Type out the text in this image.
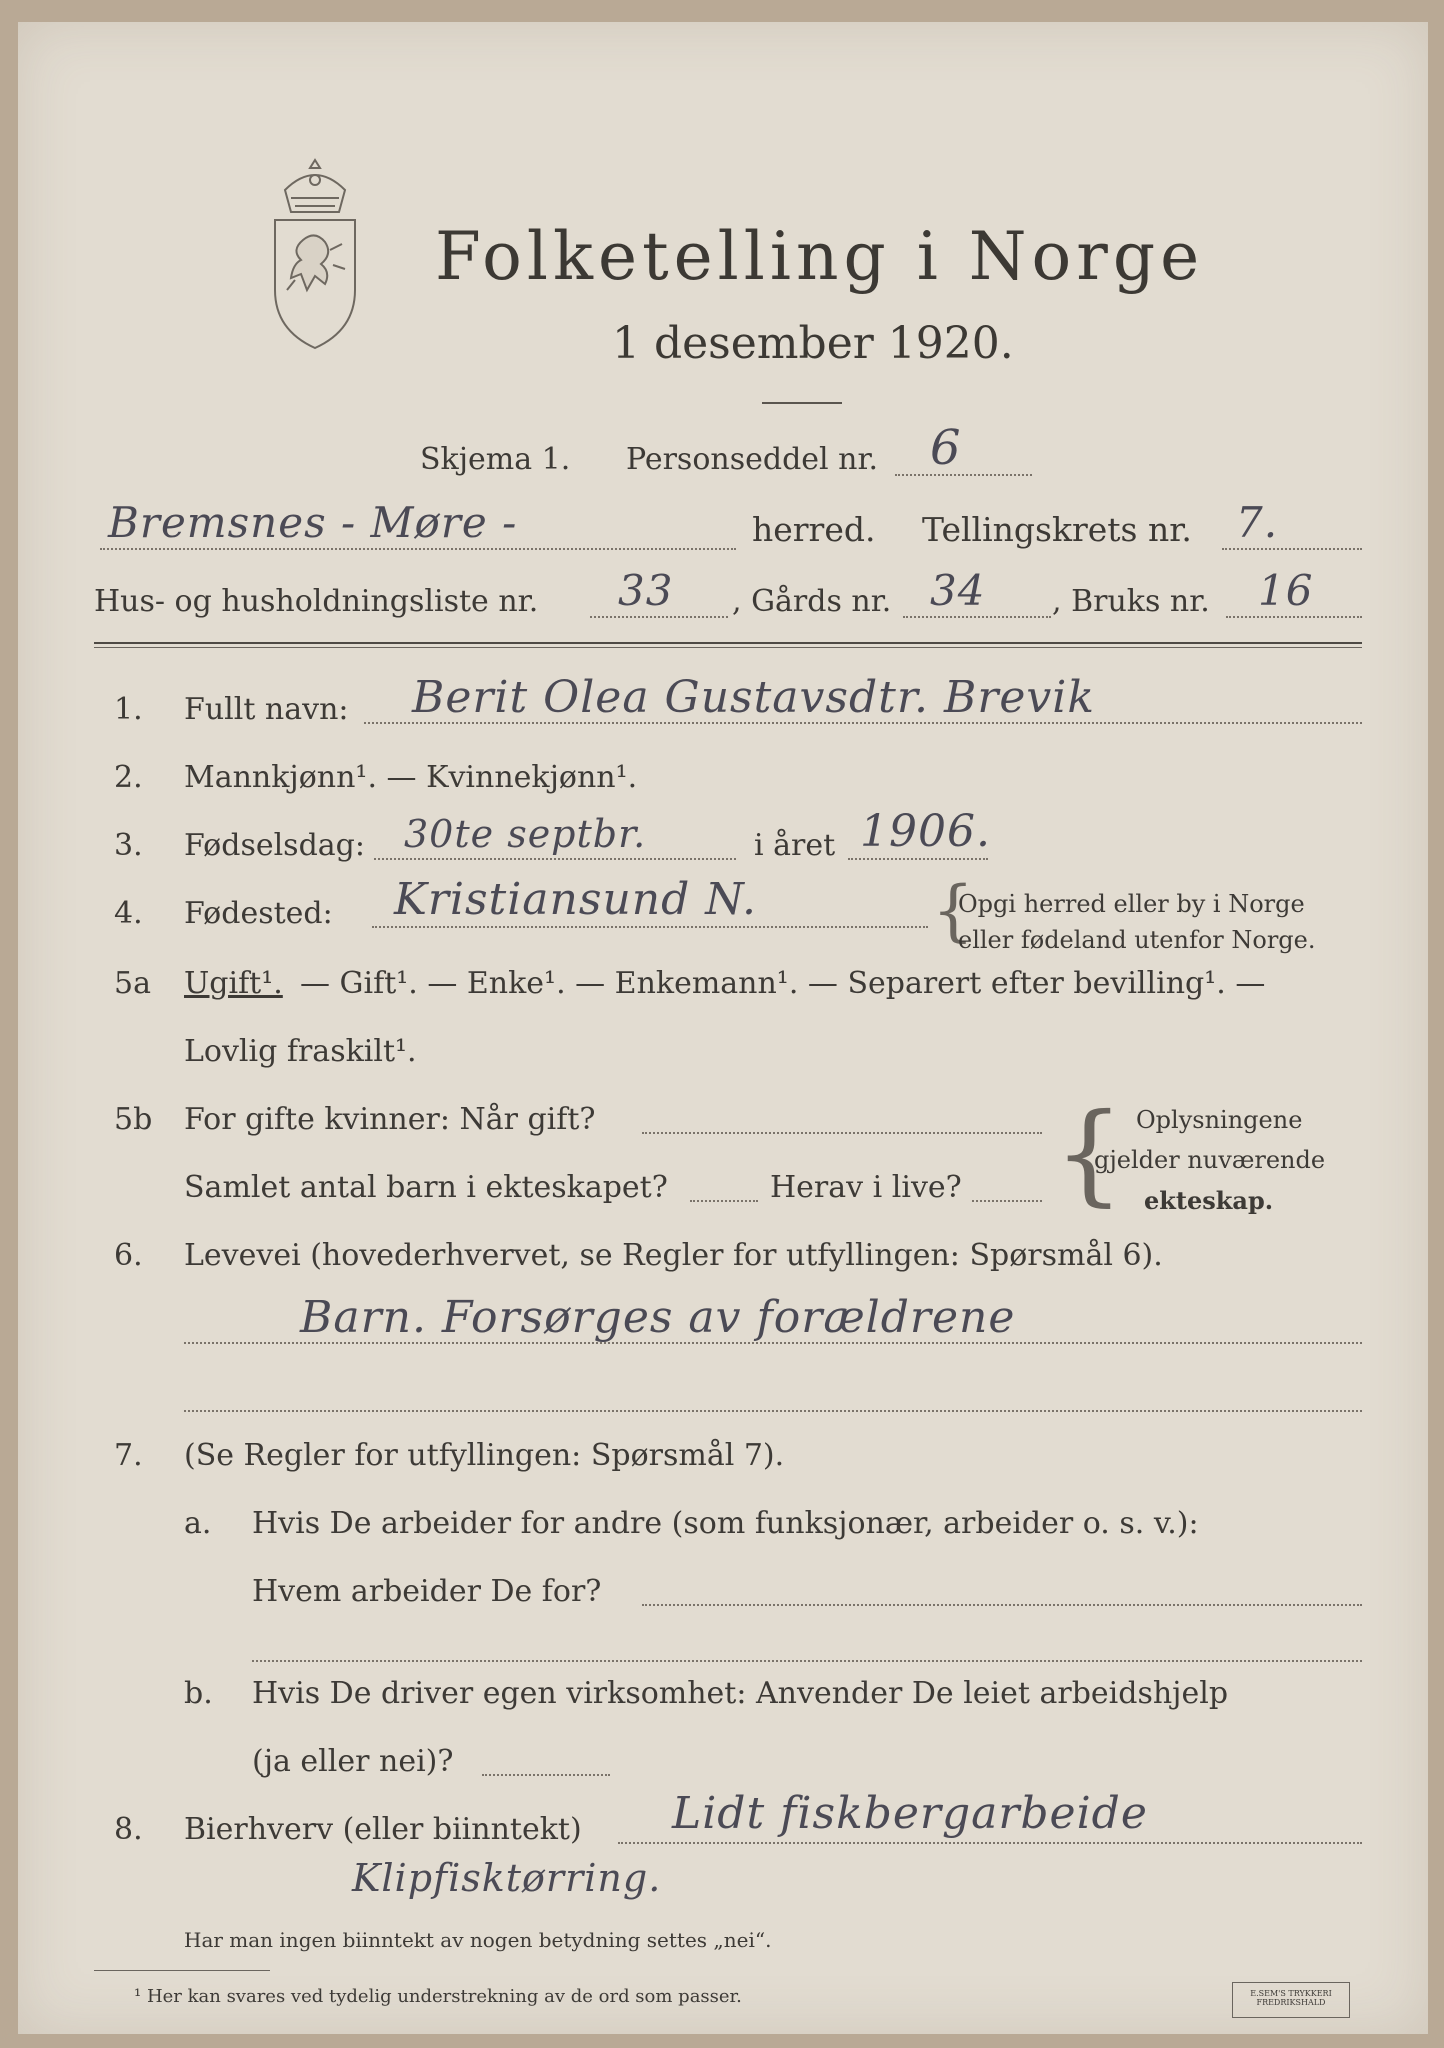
Folketelling i Norge
1 desember 1920.
Skjema 1. Personseddel nr. 6
Bremsnes - Møre -	herred. Tellingskrets nr. 7.
Hus- og husholdningsliste nr. 33 , Gårds nr. 34 , Bruks nr. 16
1. Fullt navn: Berit Olea Gustavsdtr. Brevik
2. Mannkjønn¹. — Kvinnekjønn¹.
3. Fødselsdag: 30te septbr.	i året 1906.
4. Fødested: Kristiansund N.	{
Opgi herred eller by i Norge
eller fødeland utenfor Norge.
5a Ugift¹. — Gift¹. — Enke¹. — Enkemann¹. — Separert efter bevilling¹. —
Lovlig fraskilt¹.
5b For gifte kvinner: Når gift?
Samlet antal barn i ekteskapet?	Herav i live? { Oplysningene
gjelder nuværende
ekteskap.
6. Levevei (hovederhvervet, se Regler for utfyllingen: Spørsmål 6).
Barn. Forsørges av forældrene
7. (Se Regler for utfyllingen: Spørsmål 7).
a. Hvis De arbeider for andre (som funksjonær, arbeider o. s. v.):
Hvem arbeider De for?
b. Hvis De driver egen virksomhet: Anvender De leiet arbeidshjelp
(ja eller nei)?
8. Bierhverv (eller biinntekt) Lidt fiskbergarbeide
Klipfisktørring.
Har man ingen biinntekt av nogen betydning settes „nei“.
¹ Her kan svares ved tydelig understrekning av de ord som passer.	E.SEM'S TRYKKERI
FREDRIKSHALD
